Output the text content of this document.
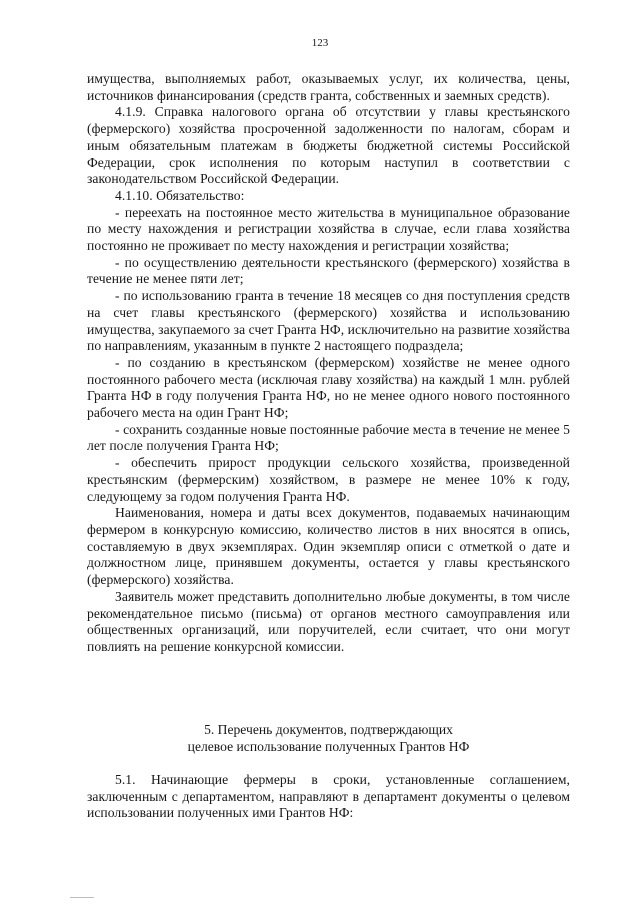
123

имущества, выполняемых работ, оказываемых услуг, их количества, цены, источников финансирования (средств гранта, собственных и заемных средств).

4.1.9. Справка налогового органа об отсутствии у главы крестьянского (фермерского) хозяйства просроченной задолженности по налогам, сборам и иным обязательным платежам в бюджеты бюджетной системы Российской Федерации, срок исполнения по которым наступил в соответствии с законодательством Российской Федерации.

4.1.10. Обязательство:

- переехать на постоянное место жительства в муниципальное образование по месту нахождения и регистрации хозяйства в случае, если глава хозяйства постоянно не проживает по месту нахождения и регистрации хозяйства;

- по осуществлению деятельности крестьянского (фермерского) хозяйства в течение не менее пяти лет;

- по использованию гранта в течение 18 месяцев со дня поступления средств на счет главы крестьянского (фермерского) хозяйства и использованию имущества, закупаемого за счет Гранта НФ, исключительно на развитие хозяйства по направлениям, указанным в пункте 2 настоящего подраздела;

- по созданию в крестьянском (фермерском) хозяйстве не менее одного постоянного рабочего места (исключая главу хозяйства) на каждый 1 млн. рублей Гранта НФ в году получения Гранта НФ, но не менее одного нового постоянного рабочего места на один Грант НФ;

- сохранить созданные новые постоянные рабочие места в течение не менее 5 лет после получения Гранта НФ;

- обеспечить прирост продукции сельского хозяйства, произведенной крестьянским (фермерским) хозяйством, в размере не менее 10% к году, следующему за годом получения Гранта НФ.

Наименования, номера и даты всех документов, подаваемых начинающим фермером в конкурсную комиссию, количество листов в них вносятся в опись, составляемую в двух экземплярах. Один экземпляр описи с отметкой о дате и должностном лице, принявшем документы, остается у главы крестьянского (фермерского) хозяйства.

Заявитель может представить дополнительно любые документы, в том числе рекомендательное письмо (письма) от органов местного самоуправления или общественных организаций, или поручителей, если считает, что они могут повлиять на решение конкурсной комиссии.

5. Перечень документов, подтверждающих
целевое использование полученных Грантов НФ

5.1. Начинающие фермеры в сроки, установленные соглашением, заключенным с департаментом, направляют в департамент документы о целевом использовании полученных ими Грантов НФ:
